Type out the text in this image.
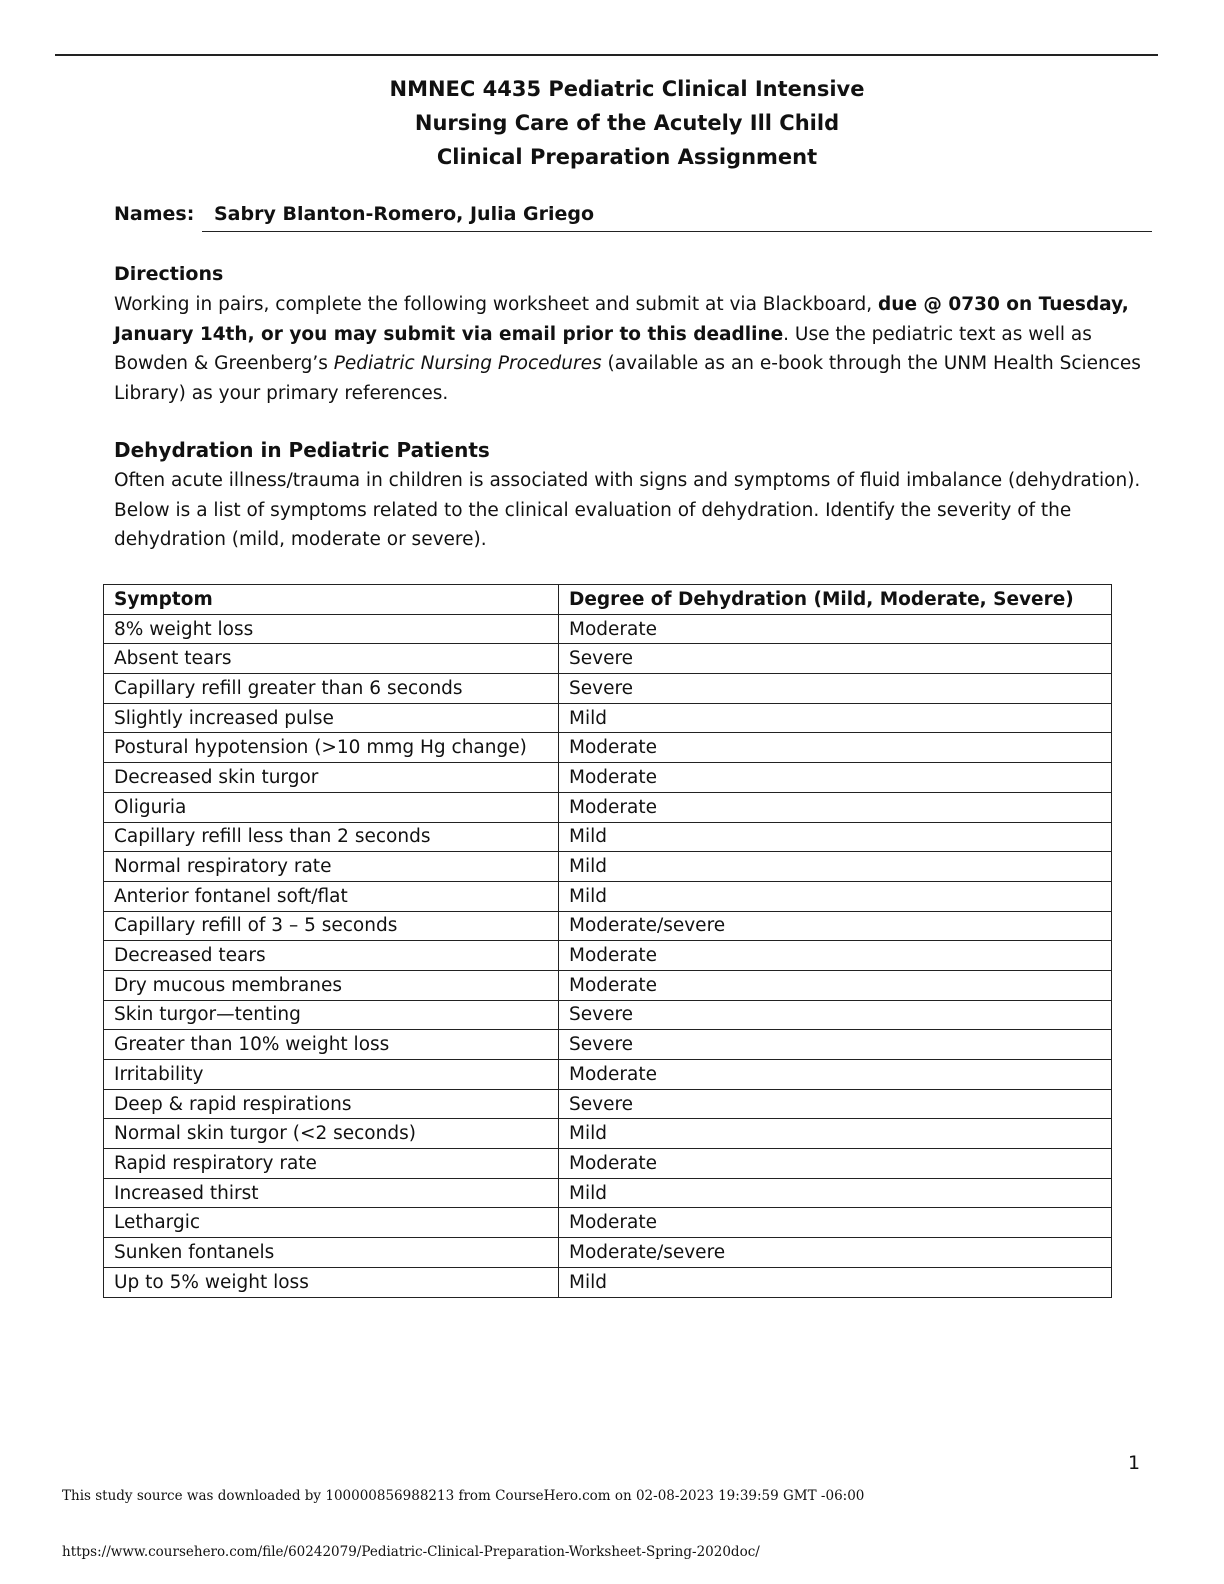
NMNEC 4435 Pediatric Clinical Intensive
Nursing Care of the Acutely Ill Child
Clinical Preparation Assignment
Names:	Sabry Blanton-Romero, Julia Griego
Directions
Working in pairs, complete the following worksheet and submit at via Blackboard, due @ 0730 on Tuesday, January 14th, or you may submit via email prior to this deadline. Use the pediatric text as well as Bowden & Greenberg’s Pediatric Nursing Procedures (available as an e-book through the UNM Health Sciences Library) as your primary references.
Dehydration in Pediatric Patients
Often acute illness/trauma in children is associated with signs and symptoms of fluid imbalance (dehydration). Below is a list of symptoms related to the clinical evaluation of dehydration. Identify the severity of the dehydration (mild, moderate or severe).
Symptom	Degree of Dehydration (Mild, Moderate, Severe)
8% weight loss	Moderate
Absent tears	Severe
Capillary refill greater than 6 seconds	Severe
Slightly increased pulse	Mild
Postural hypotension (>10 mmg Hg change)	Moderate
Decreased skin turgor	Moderate
Oliguria	Moderate
Capillary refill less than 2 seconds	Mild
Normal respiratory rate	Mild
Anterior fontanel soft/flat	Mild
Capillary refill of 3 – 5 seconds	Moderate/severe
Decreased tears	Moderate
Dry mucous membranes	Moderate
Skin turgor—tenting	Severe
Greater than 10% weight loss	Severe
Irritability	Moderate
Deep & rapid respirations	Severe
Normal skin turgor (<2 seconds)	Mild
Rapid respiratory rate	Moderate
Increased thirst	Mild
Lethargic	Moderate
Sunken fontanels	Moderate/severe
Up to 5% weight loss	Mild
1
This study source was downloaded by 100000856988213 from CourseHero.com on 02-08-2023 19:39:59 GMT -06:00
https://www.coursehero.com/file/60242079/Pediatric-Clinical-Preparation-Worksheet-Spring-2020doc/
